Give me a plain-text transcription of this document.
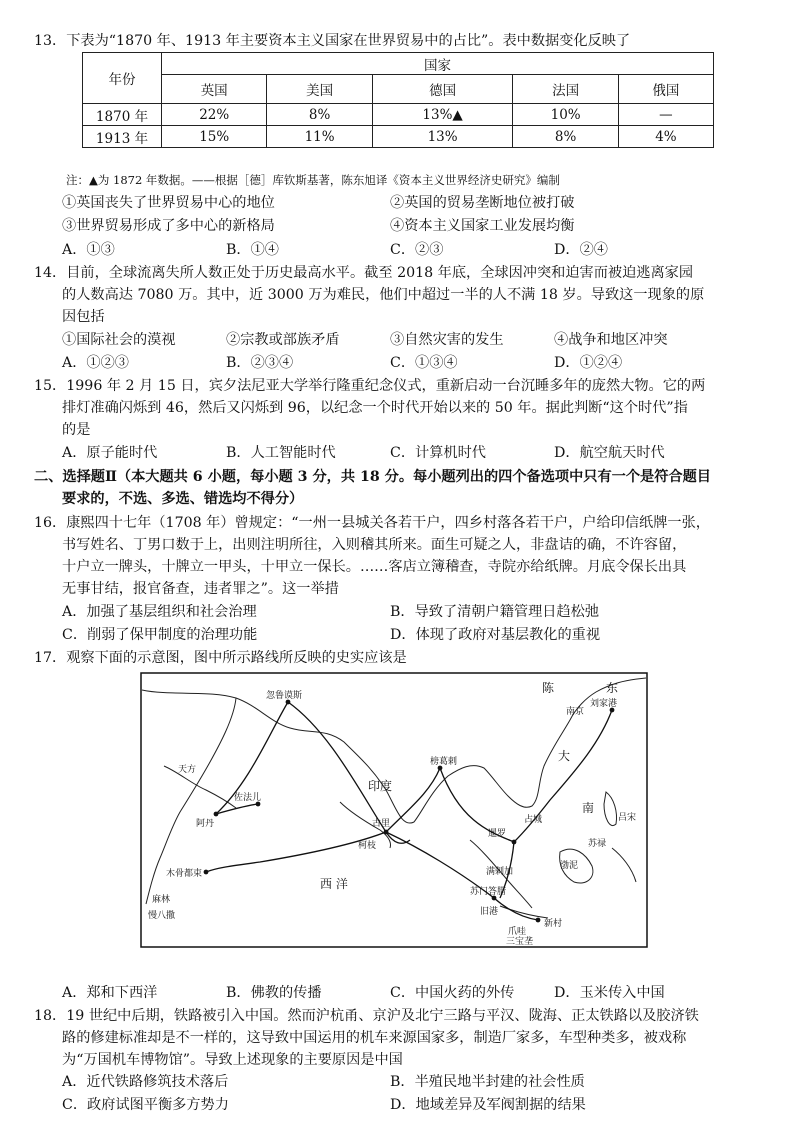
13．下表为“1870 年、1913 年主要资本主义国家在世界贸易中的占比”。表中数据变化反映了
年份	国家				
	英国	美国	德国	法国	俄国
1870 年	22%	8%	13%▲	10%	—
1913 年	15%	11%	13%	8%	4%
注：▲为 1872 年数据。——根据［德］库钦斯基著，陈东旭译《资本主义世界经济史研究》编制
①英国丧失了世界贸易中心的地位	②英国的贸易垄断地位被打破
③世界贸易形成了多中心的新格局	④资本主义国家工业发展均衡
A．①③	B．①④	C．②③	D．②④
14．目前，全球流离失所人数正处于历史最高水平。截至 2018 年底，全球因冲突和迫害而被迫逃离家园
的人数高达 7080 万。其中，近 3000 万为难民，他们中超过一半的人不满 18 岁。导致这一现象的原
因包括
①国际社会的漠视	②宗教或部族矛盾	③自然灾害的发生	④战争和地区冲突
A．①②③	B．②③④	C．①③④	D．①②④
15．1996 年 2 月 15 日，宾夕法尼亚大学举行隆重纪念仪式，重新启动一台沉睡多年的庞然大物。它的两
排灯准确闪烁到 46，然后又闪烁到 96，以纪念一个时代开始以来的 50 年。据此判断“这个时代”指
的是
A．原子能时代	B．人工智能时代	C．计算机时代	D．航空航天时代
二、选择题Ⅱ（本大题共 6 小题，每小题 3 分，共 18 分。每小题列出的四个备选项中只有一个是符合题目
要求的，不选、多选、错选均不得分）
16．康熙四十七年（1708 年）曾规定：“一州一县城关各若干户，四乡村落各若干户，户给印信纸牌一张，
书写姓名、丁男口数于上，出则注明所往，入则稽其所来。面生可疑之人，非盘诘的确，不许容留，
十户立一牌头，十牌立一甲头，十甲立一保长。……客店立簿稽查，寺院亦给纸牌。月底令保长出具
无事甘结，报官备查，违者罪之”。这一举措
A．加强了基层组织和社会治理	B．导致了清朝户籍管理日趋松弛
C．削弱了保甲制度的治理功能	D．体现了政府对基层教化的重视
17．观察下面的示意图，图中所示路线所反映的史实应该是
南京
刘家港
东
陈
大
忽鲁谟斯
天方
阿丹
佐法儿
印度
榜葛剌
古里
柯枝
木骨都束
麻林
慢八撒
西 洋
暹罗
占城	吕宋
苏禄
南
满剌加
苏门答腊
旧港
新村
爪哇
三宝垄
渤泥
A．郑和下西洋	B．佛教的传播	C．中国火药的外传	D．玉米传入中国
18．19 世纪中后期，铁路被引入中国。然而沪杭甬、京沪及北宁三路与平汉、陇海、正太铁路以及胶济铁
路的修建标准却是不一样的，这导致中国运用的机车来源国家多，制造厂家多，车型种类多，被戏称
为“万国机车博物馆”。导致上述现象的主要原因是中国
A．近代铁路修筑技术落后	B．半殖民地半封建的社会性质
C．政府试图平衡多方势力	D．地域差异及军阀割据的结果
